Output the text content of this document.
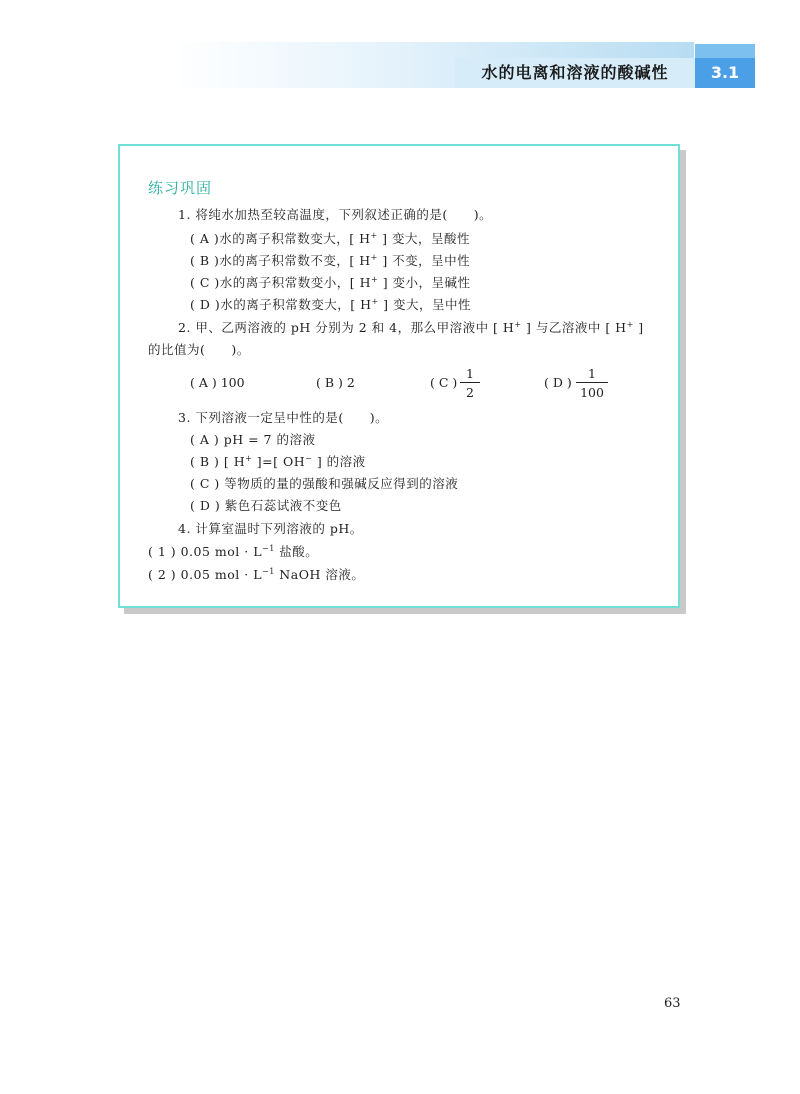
水的电离和溶液的酸碱性	3.1
练习巩固
1. 将纯水加热至较高温度，下列叙述正确的是(　　)。
( A )水的离子积常数变大，[ H+ ] 变大，呈酸性
( B )水的离子积常数不变，[ H+ ] 不变，呈中性
( C )水的离子积常数变小，[ H+ ] 变小，呈碱性
( D )水的离子积常数变大，[ H+ ] 变大，呈中性
2. 甲、乙两溶液的 pH 分别为 2 和 4，那么甲溶液中 [ H+ ] 与乙溶液中 [ H+ ]
的比值为(　　)。
( A ) 100	( B ) 2	( C )
1
2
( D )
1
100
3. 下列溶液一定呈中性的是(　　)。
( A ) pH = 7 的溶液
( B ) [ H+ ]=[ OH− ] 的溶液
( C ) 等物质的量的强酸和强碱反应得到的溶液
( D ) 紫色石蕊试液不变色
4. 计算室温时下列溶液的 pH。
( 1 ) 0.05 mol · $L^{-1}$ 盐酸。
( 2 ) 0.05 mol · $L^{-1}$ NaOH 溶液。
63
